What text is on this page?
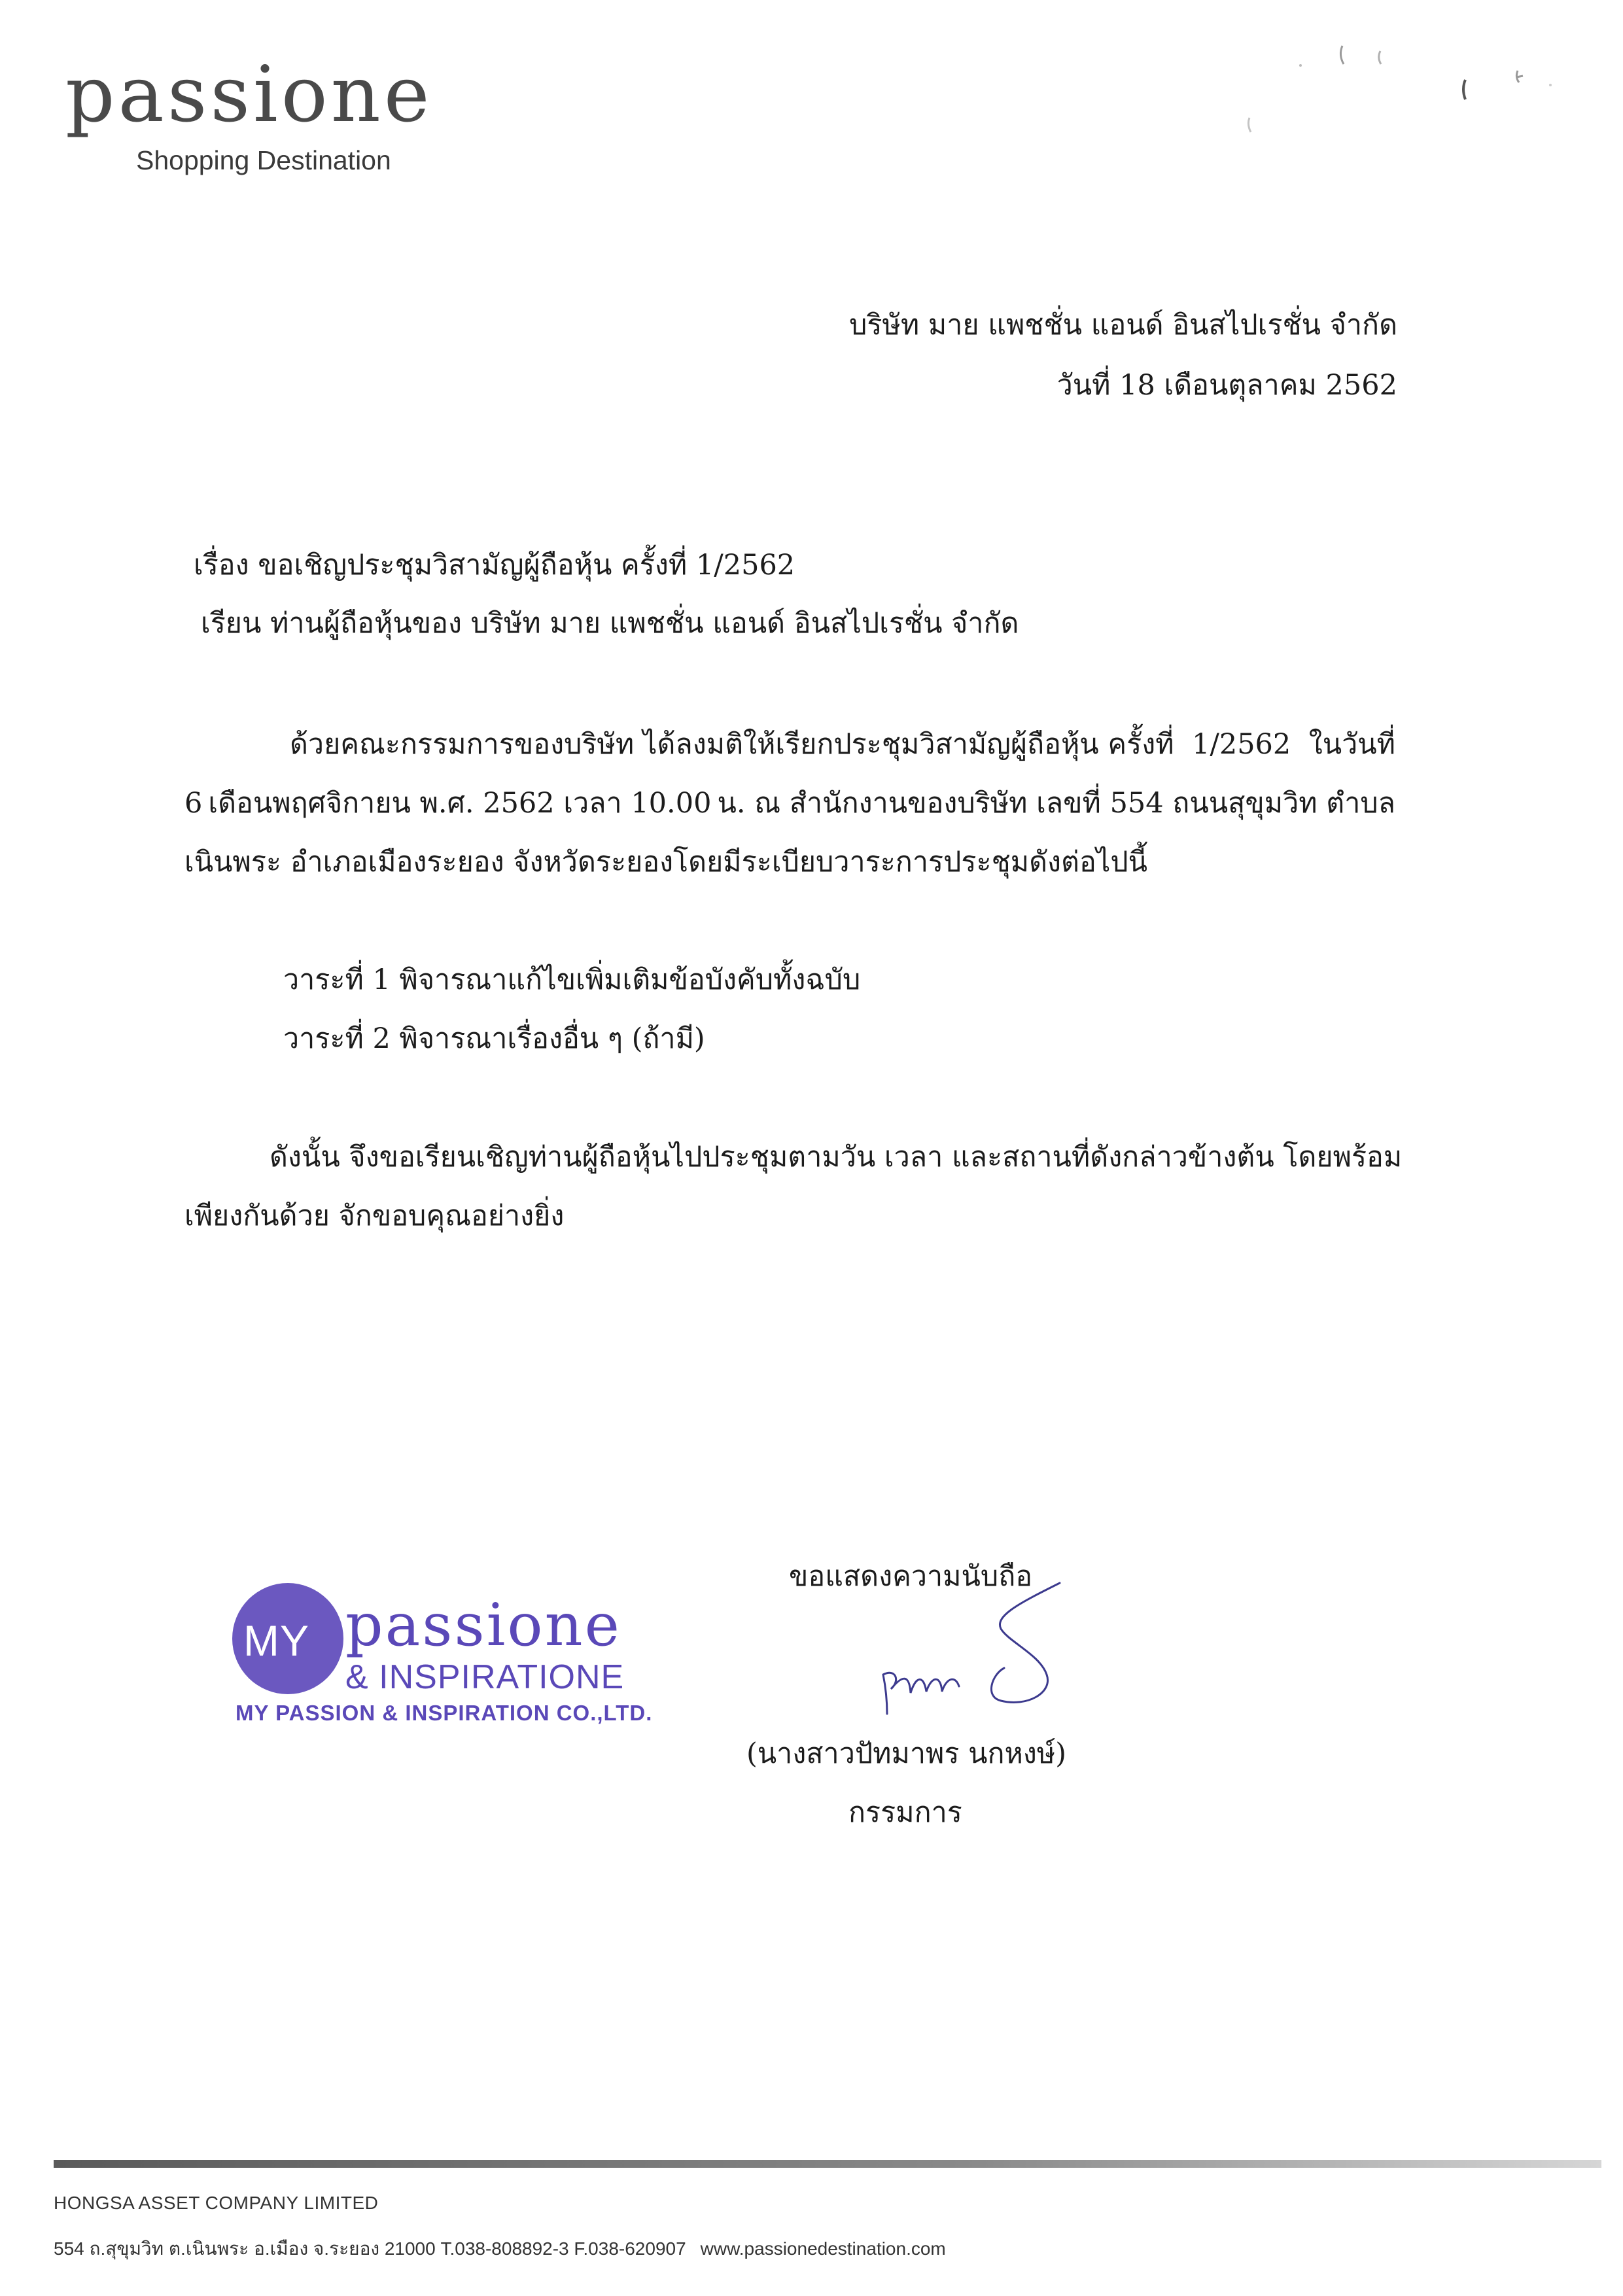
passione
Shopping Destination
บริษัท มาย แพชชั่น แอนด์ อินสไปเรชั่น จำกัด
วันที่ 18 เดือนตุลาคม 2562
เรื่อง ขอเชิญประชุมวิสามัญผู้ถือหุ้น ครั้งที่ 1/2562
เรียน ท่านผู้ถือหุ้นของ บริษัท มาย แพชชั่น แอนด์ อินสไปเรชั่น จำกัด
ด้วยคณะกรรมการของบริษัท ได้ลงมติให้เรียกประชุมวิสามัญผู้ถือหุ้น ครั้งที่ 1/2562 ในวันที่
6 เดือนพฤศจิกายน พ.ศ. 2562 เวลา 10.00 น. ณ สำนักงานของบริษัท เลขที่ 554 ถนนสุขุมวิท ตำบล
เนินพระ อำเภอเมืองระยอง จังหวัดระยองโดยมีระเบียบวาระการประชุมดังต่อไปนี้
วาระที่ 1 พิจารณาแก้ไขเพิ่มเติมข้อบังคับทั้งฉบับ
วาระที่ 2 พิจารณาเรื่องอื่น ๆ (ถ้ามี)
ดังนั้น จึงขอเรียนเชิญท่านผู้ถือหุ้นไปประชุมตามวัน เวลา และสถานที่ดังกล่าวข้างต้น โดยพร้อม
เพียงกันด้วย จักขอบคุณอย่างยิ่ง
ขอแสดงความนับถือ
(นางสาวปัทมาพร นกหงษ์)
กรรมการ
MY passione
& INSPIRATIONE
MY PASSION & INSPIRATION CO.,LTD.
HONGSA ASSET COMPANY LIMITED
554 ถ.สุขุมวิท ต.เนินพระ อ.เมือง จ.ระยอง 21000 T.038-808892-3 F.038-620907 www.passionedestination.com
